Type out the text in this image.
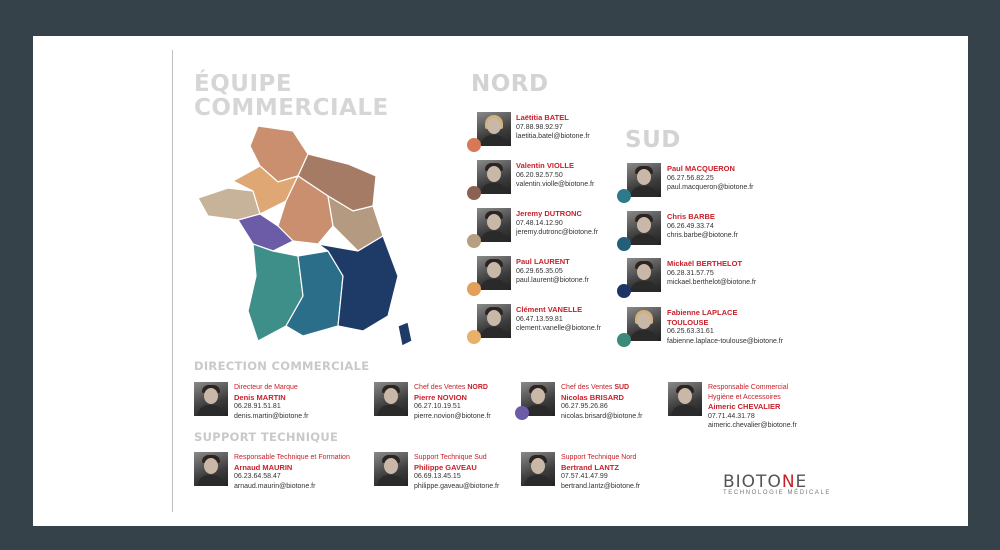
ÉQUIPE
COMMERCIALE
NORD
Laëtitia BATEL
07.88.98.92.97
laetitia.batel@biotone.fr
Valentin VIOLLE
06.20.92.57.50
valentin.violle@biotone.fr
Jeremy DUTRONC
07.48.14.12.90
jeremy.dutronc@biotone.fr
Paul LAURENT
06.29.65.35.05
paul.laurent@biotone.fr
Clément VANELLE
06.47.13.59.81
clement.vanelle@biotone.fr
SUD
Paul MACQUERON
06.27.56.82.25
paul.macqueron@biotone.fr
Chris BARBE
06.26.49.33.74
chris.barbe@biotone.fr
Mickaël BERTHELOT
06.28.31.57.75
mickael.berthelot@biotone.fr
Fabienne LAPLACE
TOULOUSE
06.25.63.31.61
fabienne.laplace-toulouse@biotone.fr
DIRECTION COMMERCIALE
Directeur de Marque
Denis MARTIN
06.28.91.51.81
denis.martin@biotone.fr
Chef des Ventes NORD
Pierre NOVION
06.27.10.19.51
pierre.novion@biotone.fr
Chef des Ventes SUD
Nicolas BRISARD
06.27.95.26.86
nicolas.brisard@biotone.fr
Responsable Commercial
Hygiène et Accessoires
Aimeric CHEVALIER
07.71.44.31.78
aimeric.chevalier@biotone.fr
SUPPORT TECHNIQUE
Responsable Technique et Formation
Arnaud MAURIN
06.23.64.58.47
arnaud.maurin@biotone.fr
Support Technique Sud
Philippe GAVEAU
06.69.13.45.15
philippe.gaveau@biotone.fr
Support Technique Nord
Bertrand LANTZ
07.57.41.47.99
bertrand.lantz@biotone.fr	BIOTONE
TECHNOLOGIE MÉDICALE
